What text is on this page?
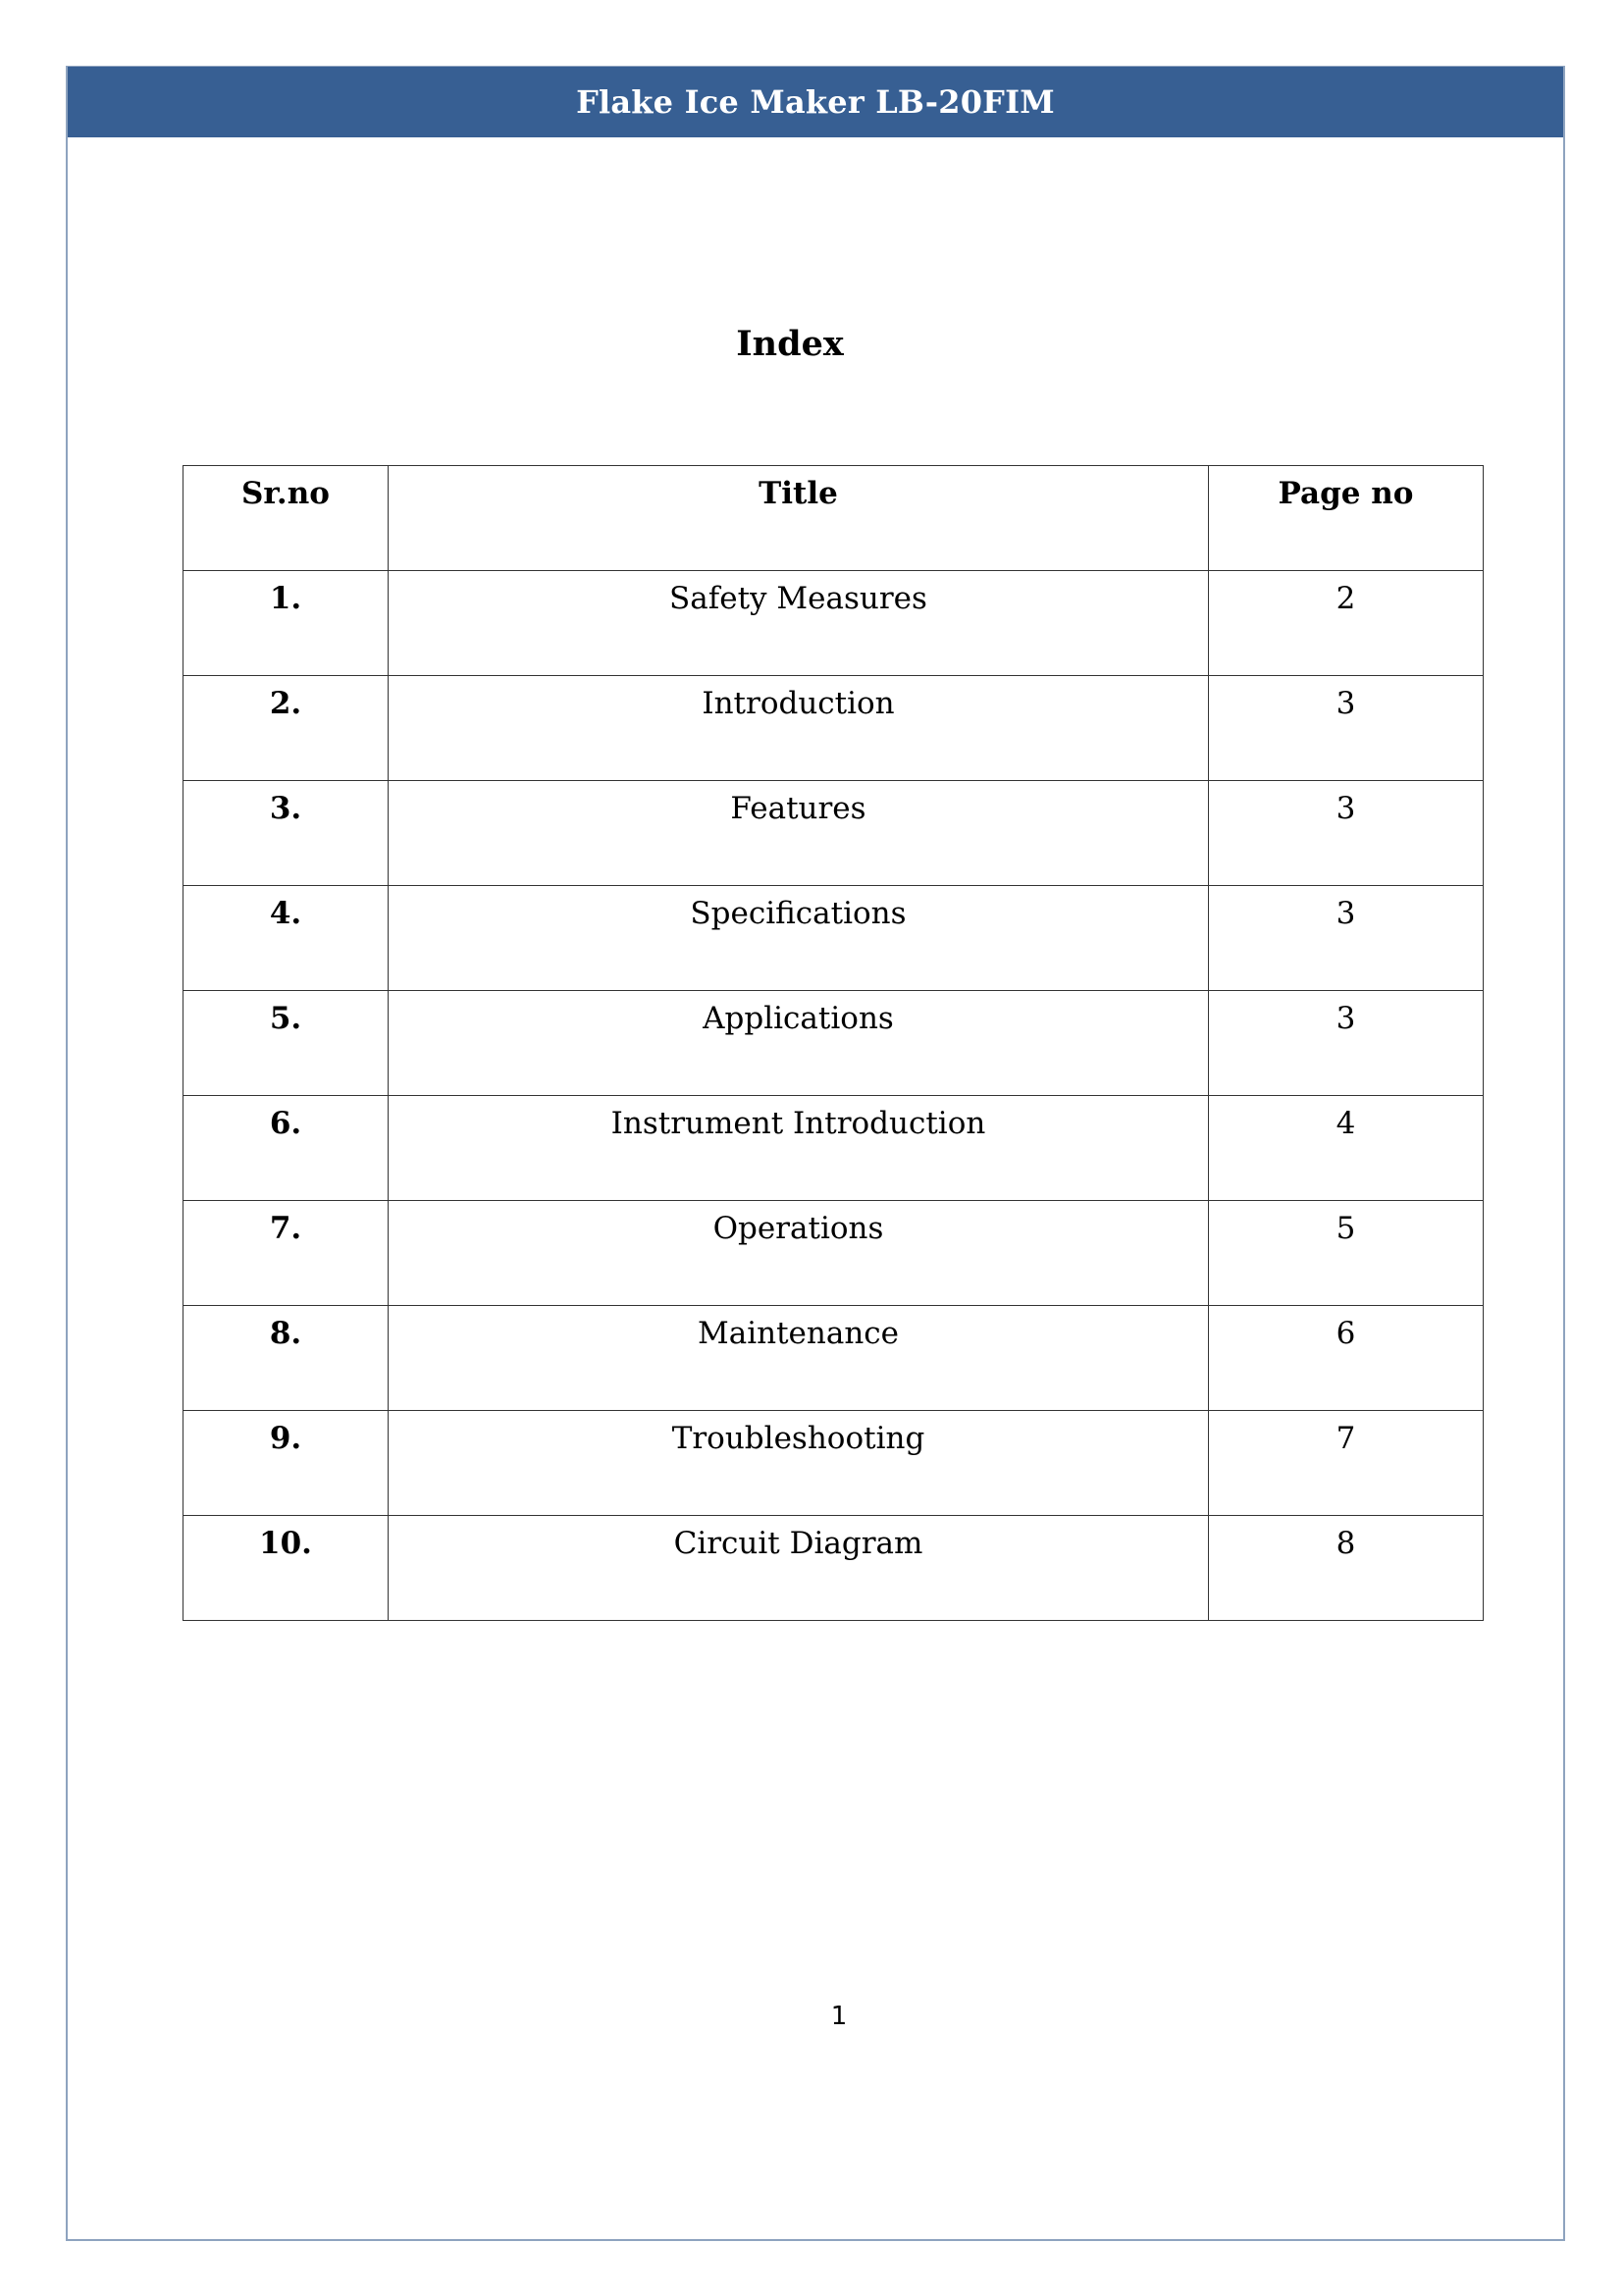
Flake Ice Maker LB-20FIM
Index
Sr.no	Title	Page no
1.	Safety Measures	2
2.	Introduction	3
3.	Features	3
4.	Specifications	3
5.	Applications	3
6.	Instrument Introduction	4
7.	Operations	5
8.	Maintenance	6
9.	Troubleshooting	7
10.	Circuit Diagram	8
1
